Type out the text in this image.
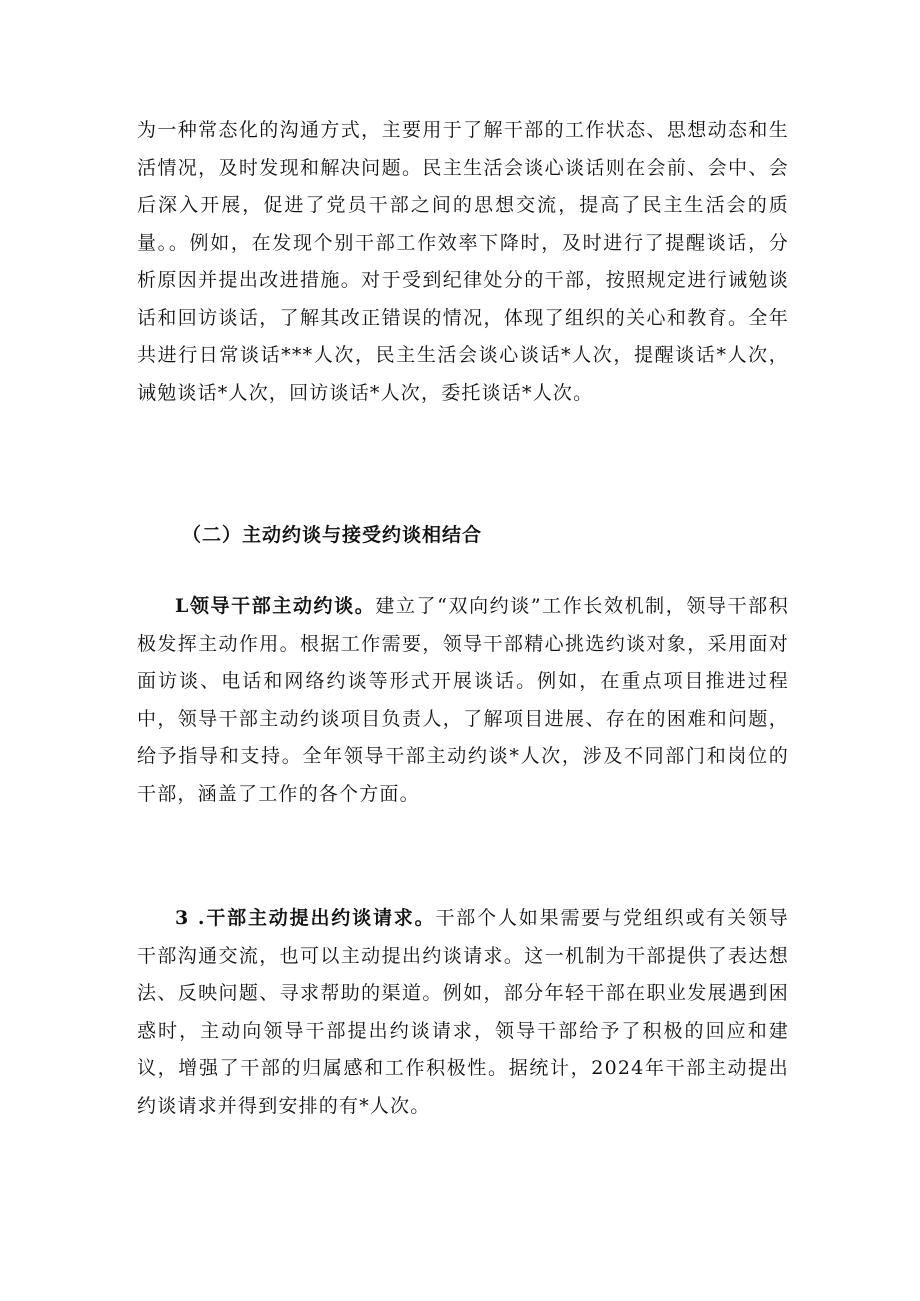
为一种常态化的沟通方式，主要用于了解干部的工作状态、思想动态和生活情况，及时发现和解决问题。民主生活会谈心谈话则在会前、会中、会后深入开展，促进了党员干部之间的思想交流，提高了民主生活会的质量。。例如，在发现个别干部工作效率下降时，及时进行了提醒谈话，分析原因并提出改进措施。对于受到纪律处分的干部，按照规定进行诫勉谈话和回访谈话，了解其改正错误的情况，体现了组织的关心和教育。全年共进行日常谈话***人次，民主生活会谈心谈话*人次，提醒谈话*人次，诫勉谈话*人次，回访谈话*人次，委托谈话*人次。

（二）主动约谈与接受约谈相结合

L领导干部主动约谈。建立了“双向约谈”工作长效机制，领导干部积极发挥主动作用。根据工作需要，领导干部精心挑选约谈对象，采用面对面访谈、电话和网络约谈等形式开展谈话。例如，在重点项目推进过程中，领导干部主动约谈项目负责人，了解项目进展、存在的困难和问题，给予指导和支持。全年领导干部主动约谈*人次，涉及不同部门和岗位的干部，涵盖了工作的各个方面。

3 .干部主动提出约谈请求。干部个人如果需要与党组织或有关领导干部沟通交流，也可以主动提出约谈请求。这一机制为干部提供了表达想法、反映问题、寻求帮助的渠道。例如，部分年轻干部在职业发展遇到困惑时，主动向领导干部提出约谈请求，领导干部给予了积极的回应和建议，增强了干部的归属感和工作积极性。据统计，2024年干部主动提出约谈请求并得到安排的有*人次。
